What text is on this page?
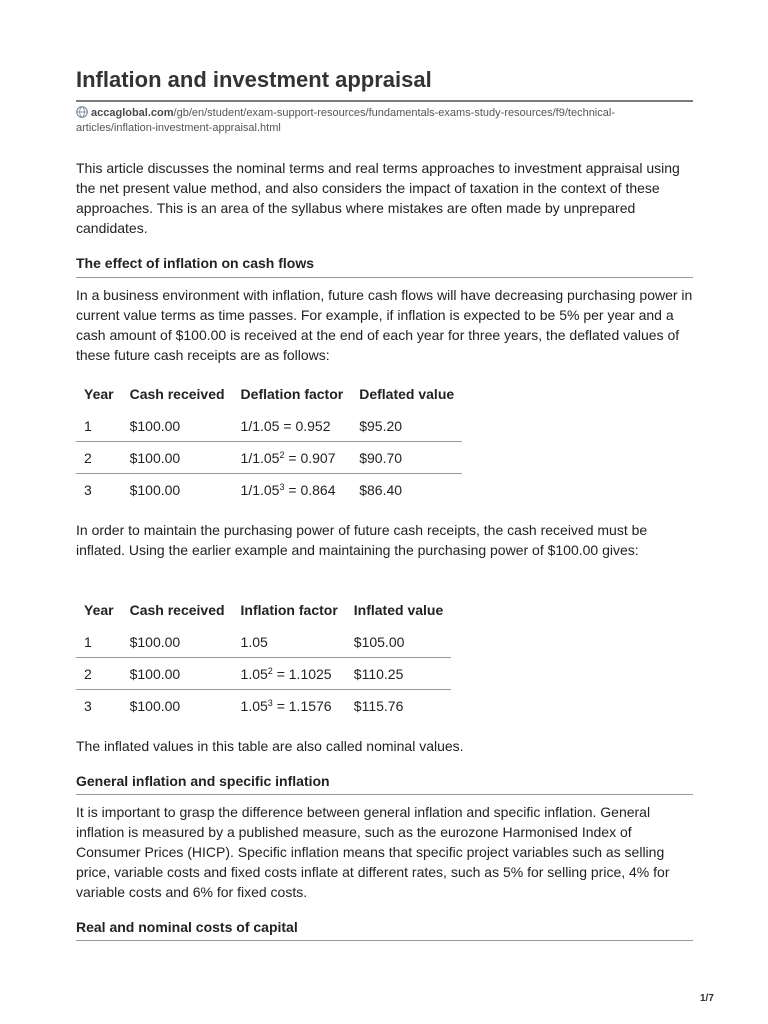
Inflation and investment appraisal
accaglobal.com/gb/en/student/exam-support-resources/fundamentals-exams-study-resources/f9/technical-articles/inflation-investment-appraisal.html

This article discusses the nominal terms and real terms approaches to investment appraisal using the net present value method, and also considers the impact of taxation in the context of these approaches. This is an area of the syllabus where mistakes are often made by unprepared candidates.

The effect of inflation on cash flows

In a business environment with inflation, future cash flows will have decreasing purchasing power in current value terms as time passes. For example, if inflation is expected to be 5% per year and a cash amount of $100.00 is received at the end of each year for three years, the deflated values of these future cash receipts are as follows:

Year	Cash received	Deflation factor	Deflated value
1	$100.00	1/1.05 = 0.952	$95.20
2	$100.00	$1/1.05^2 = 0.907$	$90.70
3	$100.00	$1/1.05^3 = 0.864$	$86.40

In order to maintain the purchasing power of future cash receipts, the cash received must be inflated. Using the earlier example and maintaining the purchasing power of $100.00 gives:

Year	Cash received	Inflation factor	Inflated value
1	$100.00	1.05	$105.00
2	$100.00	$1.05^2 = 1.1025$	$110.25
3	$100.00	$1.05^3 = 1.1576$	$115.76

The inflated values in this table are also called nominal values.

General inflation and specific inflation

It is important to grasp the difference between general inflation and specific inflation. General inflation is measured by a published measure, such as the eurozone Harmonised Index of Consumer Prices (HICP). Specific inflation means that specific project variables such as selling price, variable costs and fixed costs inflate at different rates, such as 5% for selling price, 4% for variable costs and 6% for fixed costs.

Real and nominal costs of capital
1/7
